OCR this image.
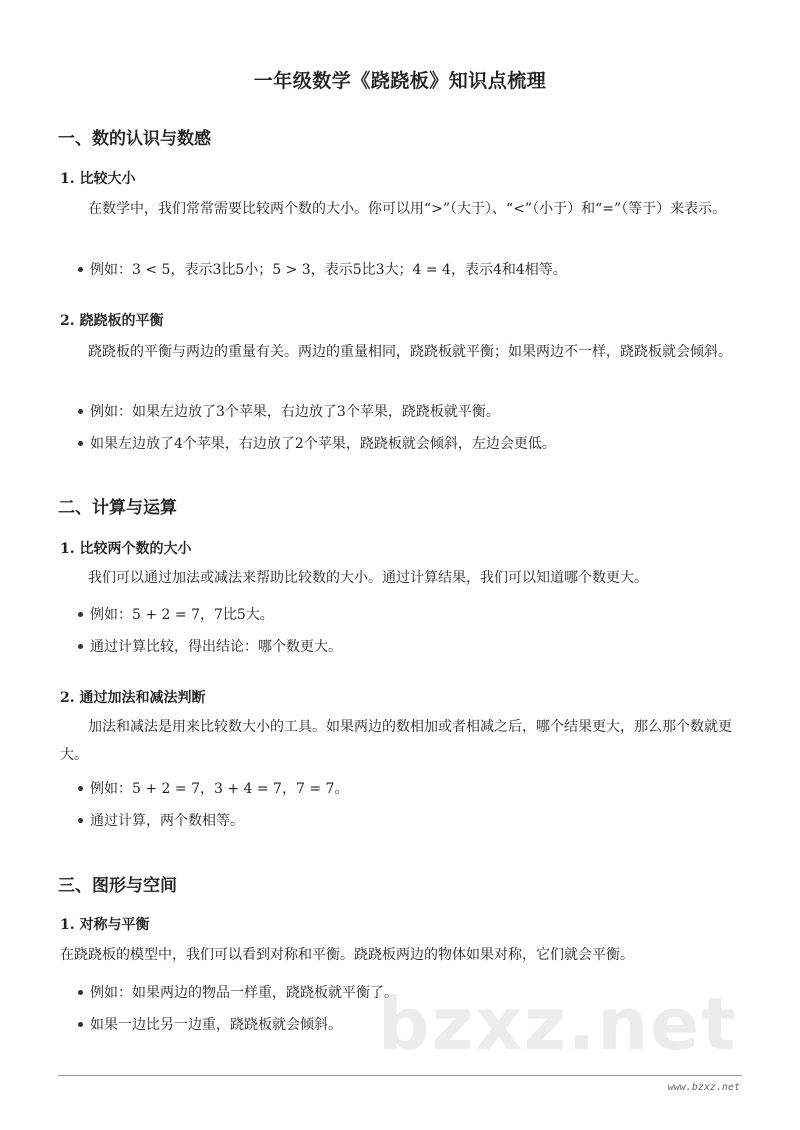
一年级数学《跷跷板》知识点梳理
一、数的认识与数感
1. 比较大小
在数学中，我们常常需要比较两个数的大小。你可以用“>”（大于）、“<”（小于）和“=”（等于）来表示。
例如：3 < 5，表示3比5小；5 > 3，表示5比3大；4 = 4，表示4和4相等。
2. 跷跷板的平衡
跷跷板的平衡与两边的重量有关。两边的重量相同，跷跷板就平衡；如果两边不一样，跷跷板就会倾斜。
例如：如果左边放了3个苹果，右边放了3个苹果，跷跷板就平衡。
如果左边放了4个苹果，右边放了2个苹果，跷跷板就会倾斜，左边会更低。
二、计算与运算
1. 比较两个数的大小
我们可以通过加法或减法来帮助比较数的大小。通过计算结果，我们可以知道哪个数更大。
例如：5 + 2 = 7，7比5大。
通过计算比较，得出结论：哪个数更大。
2. 通过加法和减法判断
加法和减法是用来比较数大小的工具。如果两边的数相加或者相减之后，哪个结果更大，那么那个数就更大。
例如：5 + 2 = 7，3 + 4 = 7，7 = 7。
通过计算，两个数相等。
三、图形与空间
1. 对称与平衡
在跷跷板的模型中，我们可以看到对称和平衡。跷跷板两边的物体如果对称，它们就会平衡。
例如：如果两边的物品一样重，跷跷板就平衡了。
如果一边比另一边重，跷跷板就会倾斜。 bzxz.net
www.bzxz.net
